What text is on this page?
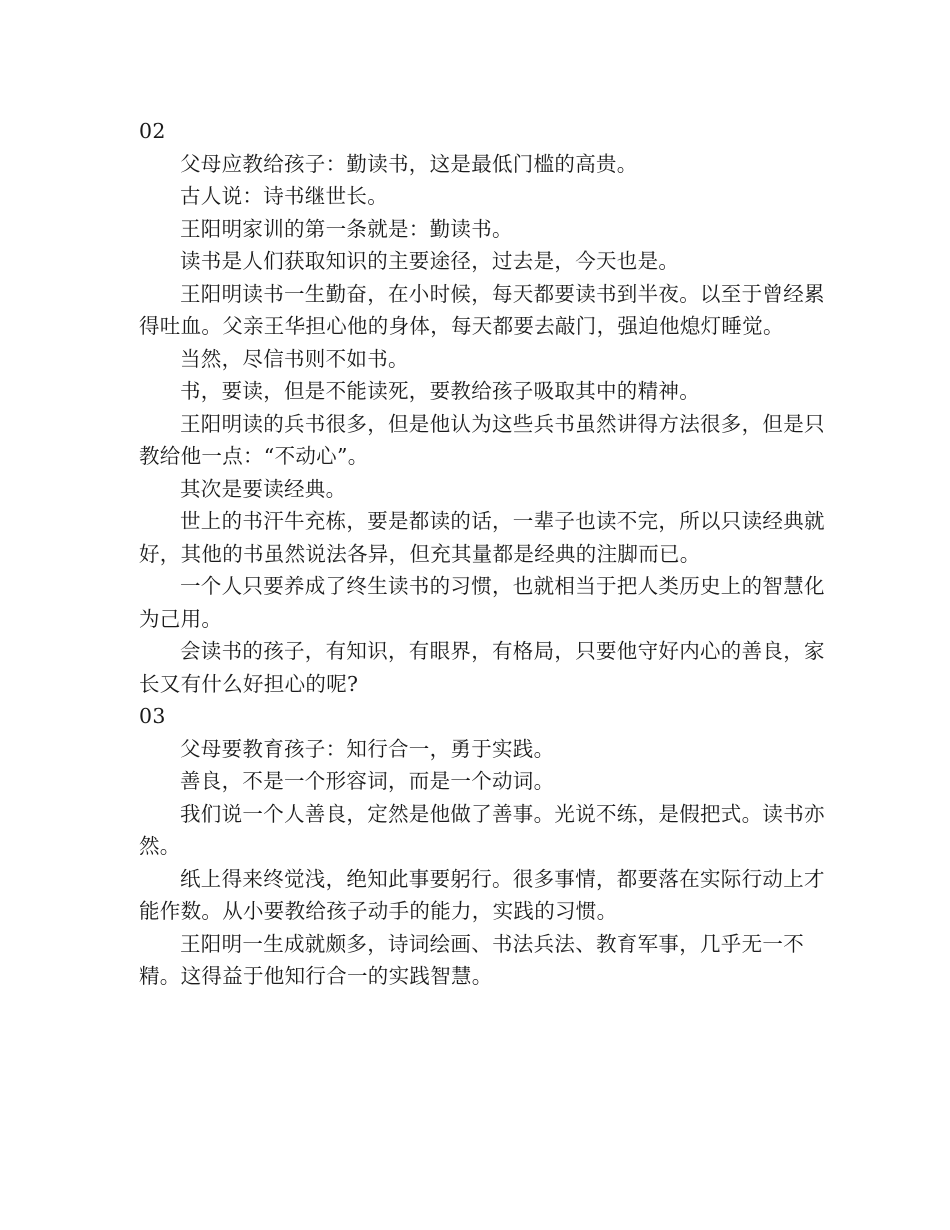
02

父母应教给孩子：勤读书，这是最低门槛的高贵。

古人说：诗书继世长。

王阳明家训的第一条就是：勤读书。

读书是人们获取知识的主要途径，过去是，今天也是。

王阳明读书一生勤奋，在小时候，每天都要读书到半夜。以至于曾经累得吐血。父亲王华担心他的身体，每天都要去敲门，强迫他熄灯睡觉。

当然，尽信书则不如书。

书，要读，但是不能读死，要教给孩子吸取其中的精神。

王阳明读的兵书很多，但是他认为这些兵书虽然讲得方法很多，但是只教给他一点：“不动心”。

其次是要读经典。

世上的书汗牛充栋，要是都读的话，一辈子也读不完，所以只读经典就好，其他的书虽然说法各异，但充其量都是经典的注脚而已。

一个人只要养成了终生读书的习惯，也就相当于把人类历史上的智慧化为己用。

会读书的孩子，有知识，有眼界，有格局，只要他守好内心的善良，家长又有什么好担心的呢?

03

父母要教育孩子：知行合一，勇于实践。

善良，不是一个形容词，而是一个动词。

我们说一个人善良，定然是他做了善事。光说不练，是假把式。读书亦然。

纸上得来终觉浅，绝知此事要躬行。很多事情，都要落在实际行动上才能作数。从小要教给孩子动手的能力，实践的习惯。

王阳明一生成就颇多，诗词绘画、书法兵法、教育军事，几乎无一不精。这得益于他知行合一的实践智慧。
